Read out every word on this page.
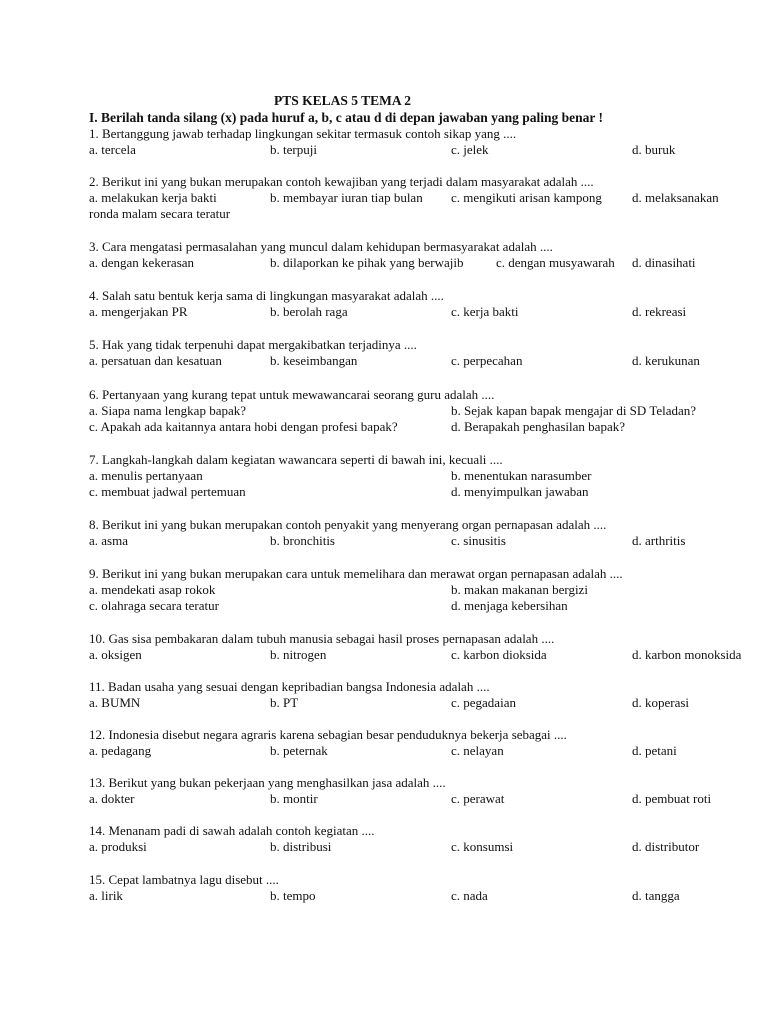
PTS KELAS 5 TEMA 2
I. Berilah tanda silang (x) pada huruf a, b, c atau d di depan jawaban yang paling benar !
1. Bertanggung jawab terhadap lingkungan sekitar termasuk contoh sikap yang ....
a. tercela	b. terpuji	c. jelek	d. buruk
2. Berikut ini yang bukan merupakan contoh kewajiban yang terjadi dalam masyarakat adalah ....
a. melakukan kerja bakti	b. membayar iuran tiap bulan c. mengikuti arisan kampong d. melaksanakan
ronda malam secara teratur
3. Cara mengatasi permasalahan yang muncul dalam kehidupan bermasyarakat adalah ....
a. dengan kekerasan	b. dilaporkan ke pihak yang berwajib	c. dengan musyawarah d. dinasihati
4. Salah satu bentuk kerja sama di lingkungan masyarakat adalah ....
a. mengerjakan PR	b. berolah raga	c. kerja bakti	d. rekreasi
5. Hak yang tidak terpenuhi dapat mergakibatkan terjadinya ....
a. persatuan dan kesatuan	b. keseimbangan	c. perpecahan	d. kerukunan
6. Pertanyaan yang kurang tepat untuk mewawancarai seorang guru adalah ....
a. Siapa nama lengkap bapak?	b. Sejak kapan bapak mengajar di SD Teladan?
c. Apakah ada kaitannya antara hobi dengan profesi bapak?	d. Berapakah penghasilan bapak?
7. Langkah-langkah dalam kegiatan wawancara seperti di bawah ini, kecuali ....
a. menulis pertanyaan	b. menentukan narasumber
c. membuat jadwal pertemuan	d. menyimpulkan jawaban
8. Berikut ini yang bukan merupakan contoh penyakit yang menyerang organ pernapasan adalah ....
a. asma	b. bronchitis	c. sinusitis	d. arthritis
9. Berikut ini yang bukan merupakan cara untuk memelihara dan merawat organ pernapasan adalah ....
a. mendekati asap rokok	b. makan makanan bergizi
c. olahraga secara teratur	d. menjaga kebersihan
10. Gas sisa pembakaran dalam tubuh manusia sebagai hasil proses pernapasan adalah ....
a. oksigen	b. nitrogen	c. karbon dioksida	d. karbon monoksida
11. Badan usaha yang sesuai dengan kepribadian bangsa Indonesia adalah ....
a. BUMN	b. PT	c. pegadaian	d. koperasi
12. Indonesia disebut negara agraris karena sebagian besar penduduknya bekerja sebagai ....
a. pedagang	b. peternak	c. nelayan	d. petani
13. Berikut yang bukan pekerjaan yang menghasilkan jasa adalah ....
a. dokter	b. montir	c. perawat	d. pembuat roti
14. Menanam padi di sawah adalah contoh kegiatan ....
a. produksi	b. distribusi	c. konsumsi	d. distributor
15. Cepat lambatnya lagu disebut ....
a. lirik	b. tempo	c. nada	d. tangga
